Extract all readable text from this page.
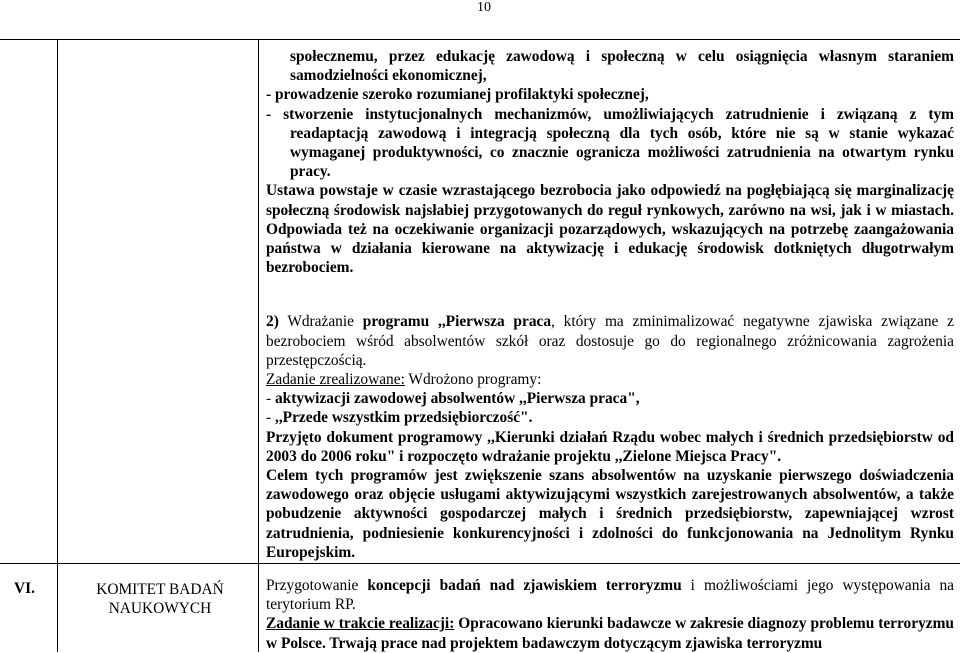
10

społecznemu, przez edukację zawodową i społeczną w celu osiągnięcia własnym staraniem samodzielności ekonomicznej,

- prowadzenie szeroko rozumianej profilaktyki społecznej,

- stworzenie instytucjonalnych mechanizmów, umożliwiających zatrudnienie i związaną z tym readaptacją zawodową i integracją społeczną dla tych osób, które nie są w stanie wykazać wymaganej produktywności, co znacznie ogranicza możliwości zatrudnienia na otwartym rynku pracy.

Ustawa powstaje w czasie wzrastającego bezrobocia jako odpowiedź na pogłębiającą się marginalizację społeczną środowisk najsłabiej przygotowanych do reguł rynkowych, zarówno na wsi, jak i w miastach. Odpowiada też na oczekiwanie organizacji pozarządowych, wskazujących na potrzebę zaangażowania państwa w działania kierowane na aktywizację i edukację środowisk dotkniętych długotrwałym bezrobociem.

2) Wdrażanie programu ,,Pierwsza praca, który ma zminimalizować negatywne zjawiska związane z bezrobociem wśród absolwentów szkół oraz dostosuje go do regionalnego zróżnicowania zagrożenia przestępczością.

Zadanie zrealizowane: Wdrożono programy:

- aktywizacji zawodowej absolwentów ,,Pierwsza praca",

- ,,Przede wszystkim przedsiębiorczość".

Przyjęto dokument programowy ,,Kierunki działań Rządu wobec małych i średnich przedsiębiorstw od 2003 do 2006 roku" i rozpoczęto wdrażanie projektu ,,Zielone Miejsca Pracy".

Celem tych programów jest zwiększenie szans absolwentów na uzyskanie pierwszego doświadczenia zawodowego oraz objęcie usługami aktywizującymi wszystkich zarejestrowanych absolwentów, a także pobudzenie aktywności gospodarczej małych i średnich przedsiębiorstw, zapewniającej wzrost zatrudnienia, podniesienie konkurencyjności i zdolności do funkcjonowania na Jednolitym Rynku Europejskim.

VI.	KOMITET BADAŃ NAUKOWYCH

Przygotowanie koncepcji badań nad zjawiskiem terroryzmu i możliwościami jego występowania na terytorium RP.

Zadanie w trakcie realizacji: Opracowano kierunki badawcze w zakresie diagnozy problemu terroryzmu w Polsce. Trwają prace nad projektem badawczym dotyczącym zjawiska terroryzmu
